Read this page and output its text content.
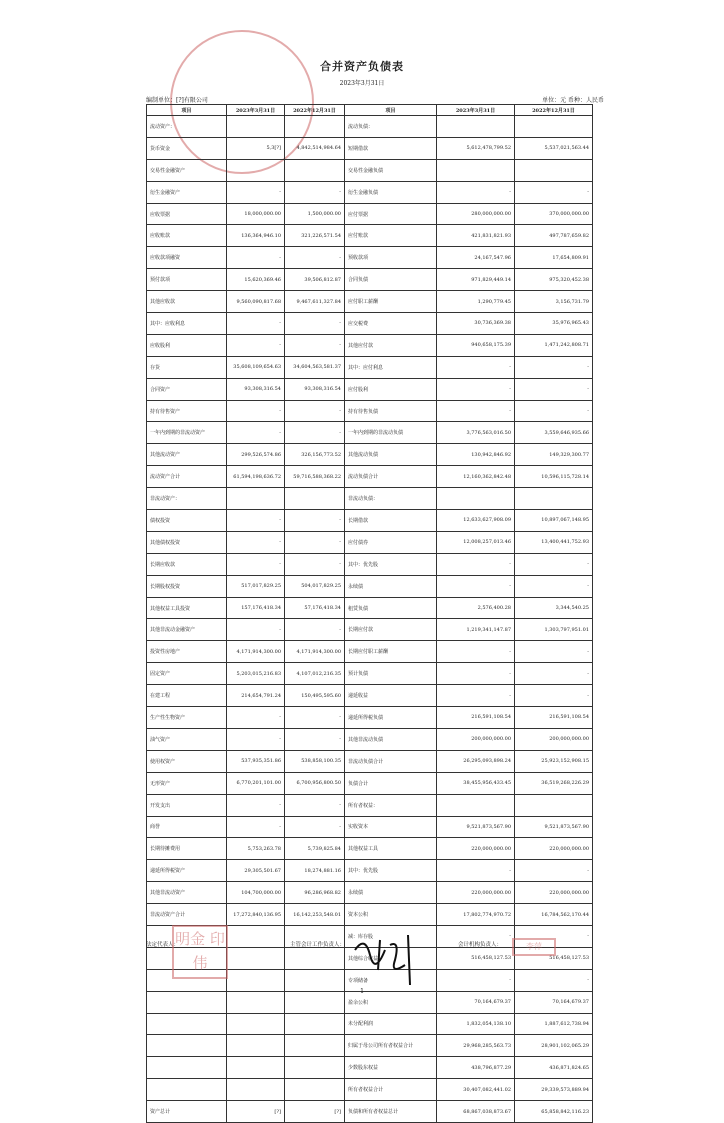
合并资产负债表
2023年3月31日
编制单位：[?]有限公司	单位：元 币种：人民币
项目	2023年3月31日	2022年12月31日	项目	2023年3月31日	2022年12月31日
流动资产：			流动负债：		
货币资金	5,3[?]	4,842,514,984.64	短期借款	5,612,478,799.52	5,537,021,563.44
交易性金融资产			交易性金融负债		
衍生金融资产	-	-	衍生金融负债	-	-
应收票据	18,000,000.00	1,500,000.00	应付票据	280,000,000.00	370,000,000.00
应收账款	136,364,946.10	321,226,571.54	应付账款	421,831,821.93	497,787,659.82
应收款项融资	-	-	预收款项	24,167,547.96	17,654,809.91
预付款项	15,620,369.46	39,506,812.87	合同负债	971,829,449.14	975,320,452.38
其他应收款	9,560,090,817.68	9,467,611,327.84	应付职工薪酬	1,290,779.45	3,156,731.79
其中：应收利息	-	-	应交税费	30,736,369.38	35,976,965.43
应收股利	-	-	其他应付款	940,658,175.39	1,471,242,808.71
存货	35,608,109,654.63	34,604,563,581.37	其中：应付利息	-	-
合同资产	93,308,316.54	93,308,316.54	应付股利	-	-
持有待售资产	-	-	持有待售负债	-	-
一年内到期的非流动资产	-	-	一年内到期的非流动负债	3,776,563,016.50	3,559,646,935.66
其他流动资产	299,526,574.86	326,156,773.52	其他流动负债	130,942,846.92	149,329,300.77
流动资产合计	61,594,198,636.72	59,716,588,368.22	流动负债合计	12,160,362,842.48	10,596,115,728.14
非流动资产：			非流动负债：		
债权投资	-	-	长期借款	12,633,627,908.09	10,897,067,148.95
其他债权投资	-	-	应付债券	12,008,257,013.46	13,400,441,752.93
长期应收款	-	-	其中：优先股	-	-
长期股权投资	517,017,829.25	504,017,829.25	永续债	-	-
其他权益工具投资	157,176,418.34	57,176,418.34	租赁负债	2,576,400.28	3,344,540.25
其他非流动金融资产	-	-	长期应付款	1,219,341,147.87	1,303,797,951.01
投资性房地产	4,171,914,300.00	4,171,914,300.00	长期应付职工薪酬	-	-
固定资产	5,203,015,216.83	4,107,012,216.35	预计负债	-	-
在建工程	214,654,791.24	150,495,595.60	递延收益	-	-
生产性生物资产	-	-	递延所得税负债	216,591,108.54	216,591,108.54
油气资产	-	-	其他非流动负债	200,000,000.00	200,000,000.00
使用权资产	537,935,351.86	538,858,100.35	非流动负债合计	26,295,093,898.24	25,923,152,908.15
无形资产	6,770,201,101.00	6,700,956,800.50	负债合计	38,455,956,433.45	36,519,268,226.29
开发支出	-	-	所有者权益：		
商誉	-	-	实收资本	9,521,873,567.90	9,521,873,567.90
长期待摊费用	5,753,263.78	5,739,825.84	其他权益工具	220,000,000.00	220,000,000.00
递延所得税资产	29,305,501.67	18,274,881.16	其中：优先股	-	-
其他非流动资产	104,700,000.00	96,286,968.82	永续债	220,000,000.00	220,000,000.00
非流动资产合计	17,272,840,136.95	16,142,253,548.01	资本公积	17,802,774,970.72	16,784,562,170.44
			减：库存股	-	-
			其他综合收益	516,458,127.53	516,458,127.53
			专项储备	-	-
			盈余公积	70,164,679.37	70,164,679.37
			未分配利润	1,832,054,138.10	1,887,612,738.94
			归属于母公司所有者权益合计	29,968,285,563.73	28,901,102,065.29
			少数股东权益	438,796,877.29	436,871,824.65
			所有者权益合计	30,407,082,441.02	29,339,573,889.94
资产总计	[?]	[?]	负债和所有者权益总计	68,867,038,873.67	65,858,842,116.23
法定代表人：	主管会计工作负责人：	会计机构负责人：
明金 印伟
李萍
1
